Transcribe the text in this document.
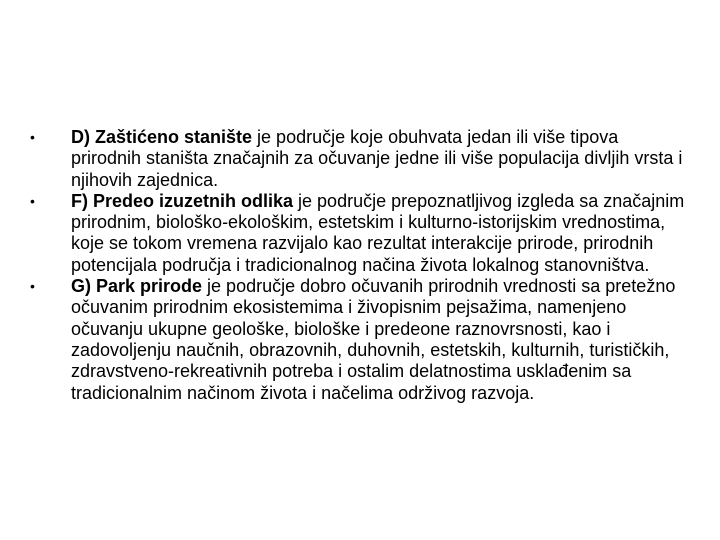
•	D) Zaštićeno stanište je područje koje obuhvata jedan ili više tipova prirodnih staništa značajnih za očuvanje jedne ili više populacija divljih vrsta i njihovih zajednica.
•	F) Predeo izuzetnih odlika je područje prepoznatljivog izgleda sa značajnim prirodnim, biološko-ekološkim, estetskim i kulturno-istorijskim vrednostima, koje se tokom vremena razvijalo kao rezultat interakcije prirode, prirodnih potencijala područja i tradicionalnog načina života lokalnog stanovništva.
•	G) Park prirode je područje dobro očuvanih prirodnih vrednosti sa pretežno očuvanim prirodnim ekosistemima i živopisnim pejsažima, namenjeno očuvanju ukupne geološke, biološke i predeone raznovrsnosti, kao i zadovoljenju naučnih, obrazovnih, duhovnih, estetskih, kulturnih, turističkih, zdravstveno-rekreativnih potreba i ostalim delatnostima usklađenim sa tradicionalnim načinom života i načelima održivog razvoja.
